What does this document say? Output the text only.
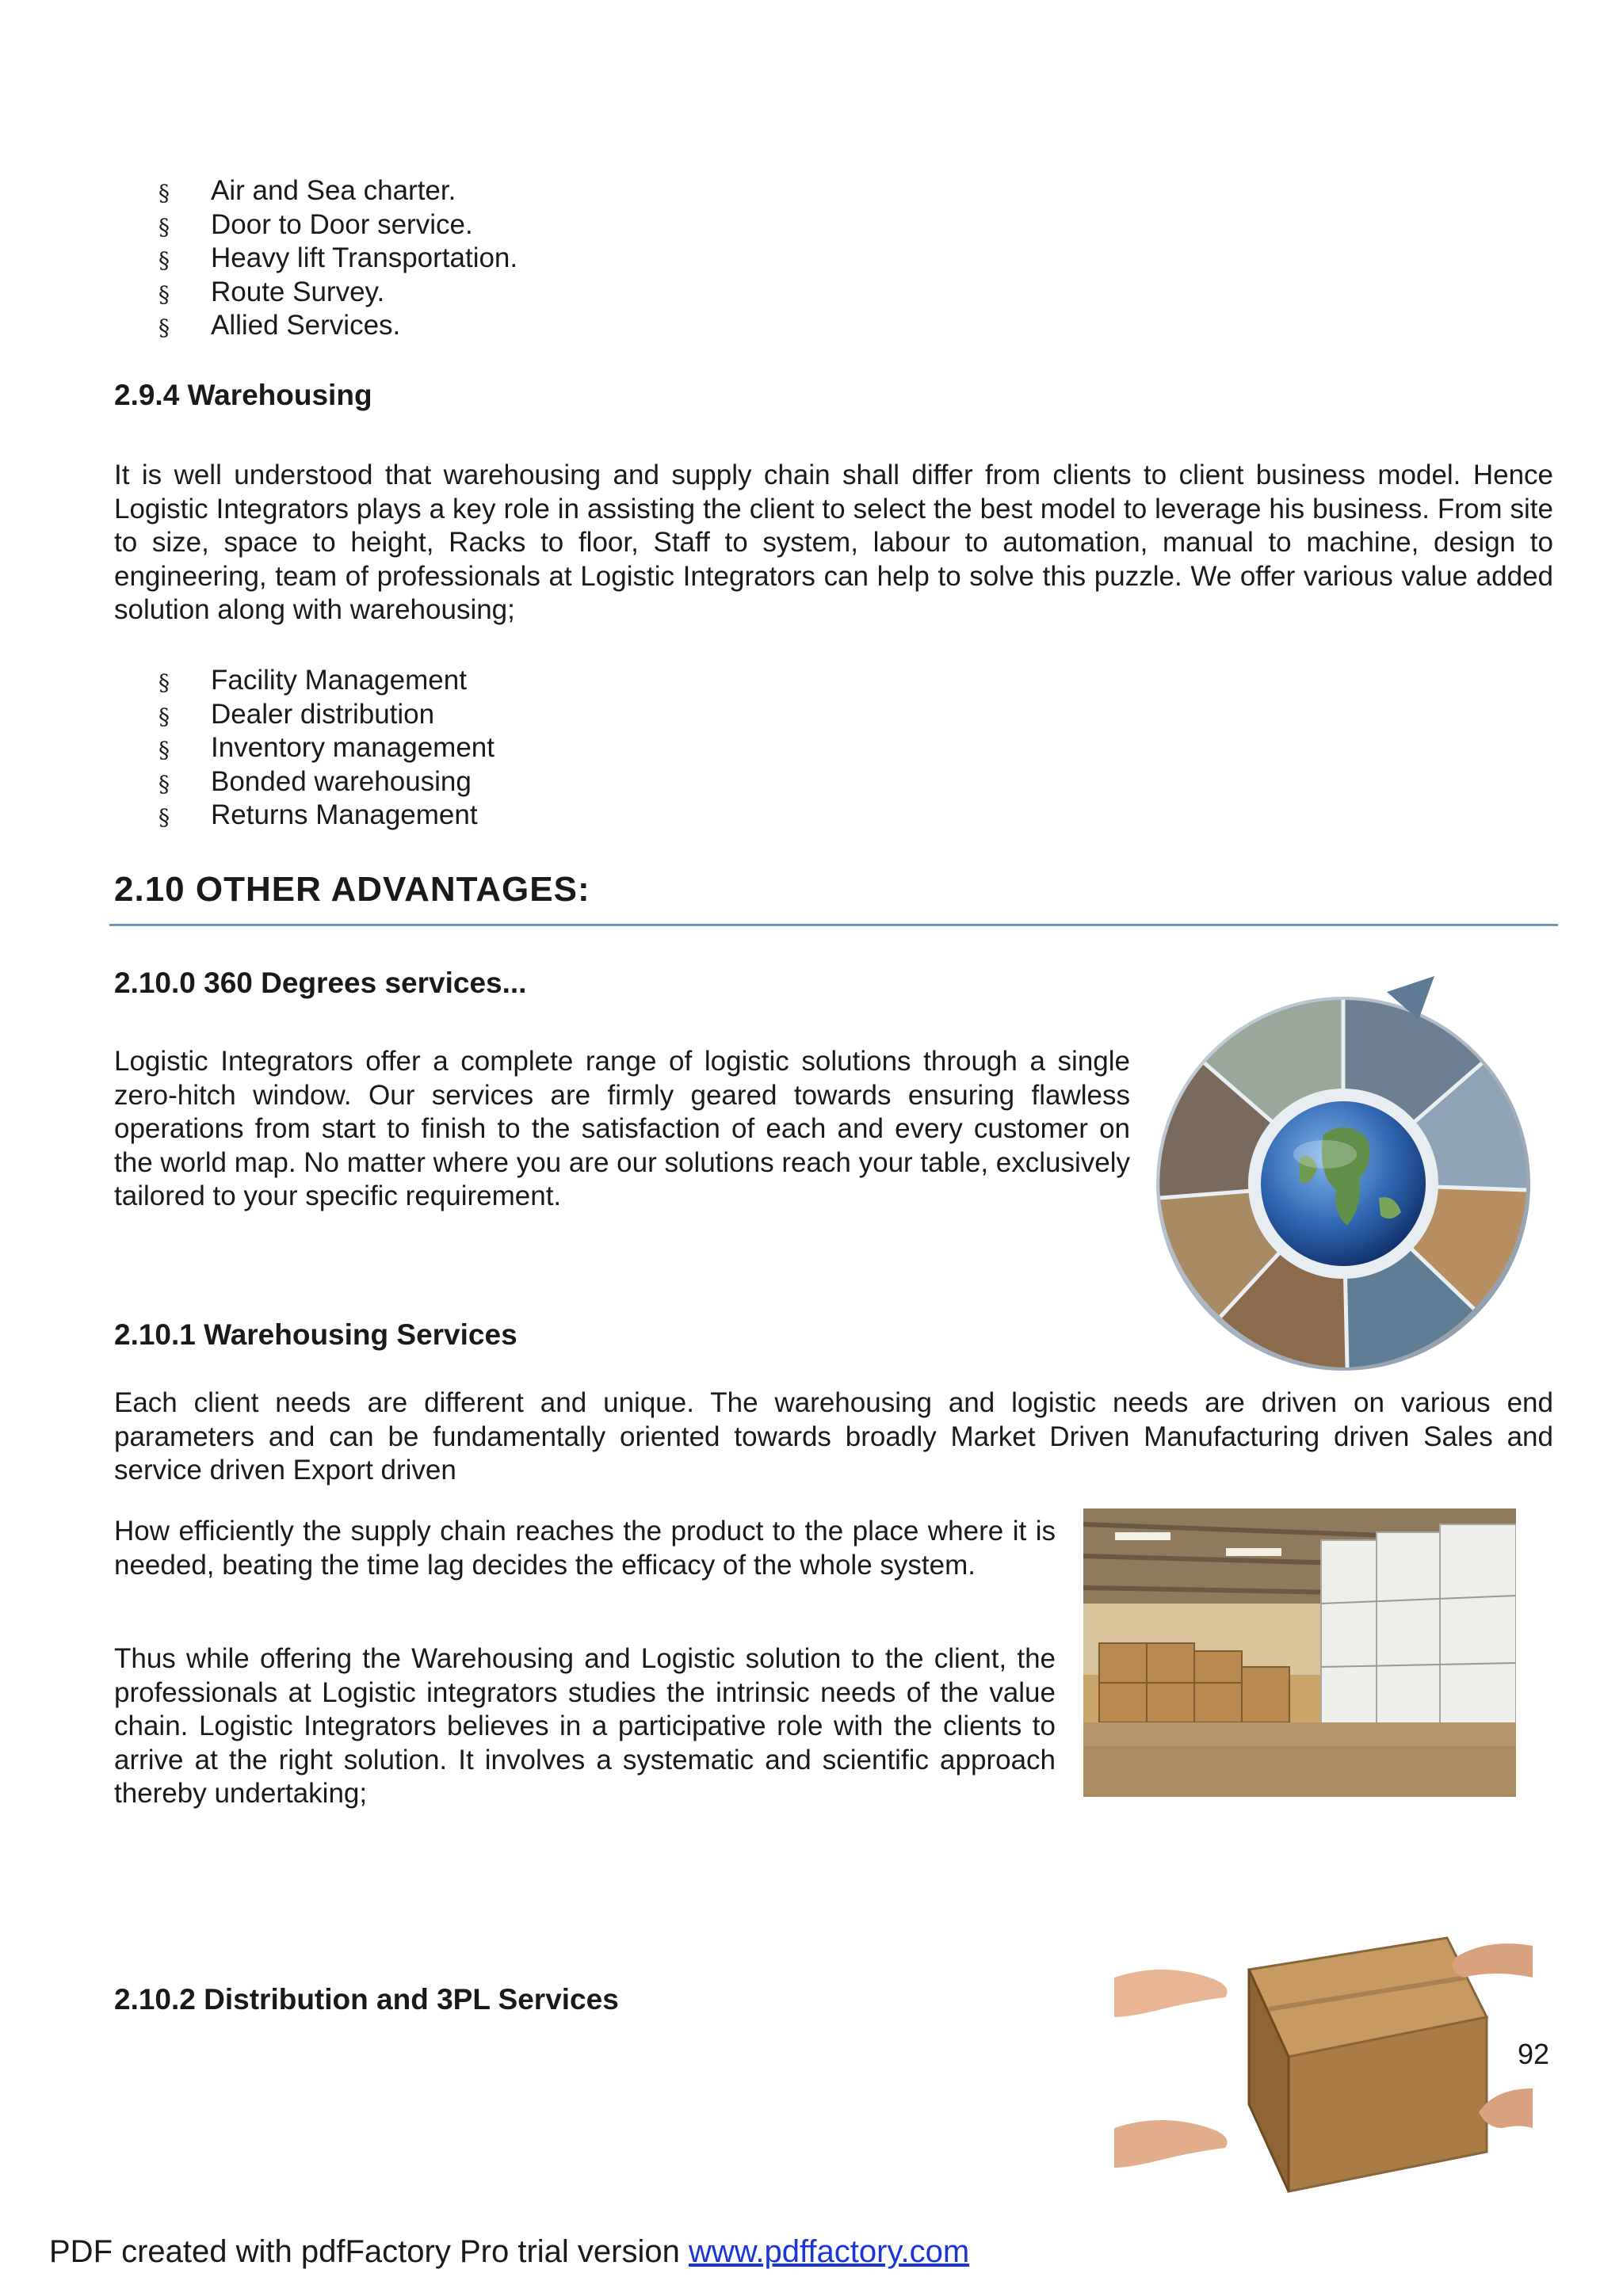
§ Air and Sea charter.
§ Door to Door service.
§ Heavy lift Transportation.
§ Route Survey.
§ Allied Services.
2.9.4 Warehousing
It is well understood that warehousing and supply chain shall differ from clients to client business model. Hence Logistic Integrators plays a key role in assisting the client to select the best model to leverage his business. From site to size, space to height, Racks to floor, Staff to system, labour to automation, manual to machine, design to engineering, team of professionals at Logistic Integrators can help to solve this puzzle. We offer various value added solution along with warehousing;
§ Facility Management
§ Dealer distribution
§ Inventory management
§ Bonded warehousing
§ Returns Management
2.10 OTHER ADVANTAGES:
2.10.0 360 Degrees services...
Logistic Integrators offer a complete range of logistic solutions through a single zero-hitch window. Our services are firmly geared towards ensuring flawless operations from start to finish to the satisfaction of each and every customer on the world map. No matter where you are our solutions reach your table, exclusively tailored to your specific requirement.
2.10.1 Warehousing Services
Each client needs are different and unique. The warehousing and logistic needs are driven on various end parameters and can be fundamentally oriented towards broadly Market Driven Manufacturing driven Sales and service driven Export driven
How efficiently the supply chain reaches the product to the place where it is needed, beating the time lag decides the efficacy of the whole system.
Thus while offering the Warehousing and Logistic solution to the client, the professionals at Logistic integrators studies the intrinsic needs of the value chain. Logistic Integrators believes in a participative role with the clients to arrive at the right solution. It involves a systematic and scientific approach thereby undertaking;
2.10.2 Distribution and 3PL Services
92
PDF created with pdfFactory Pro trial version www.pdffactory.com
